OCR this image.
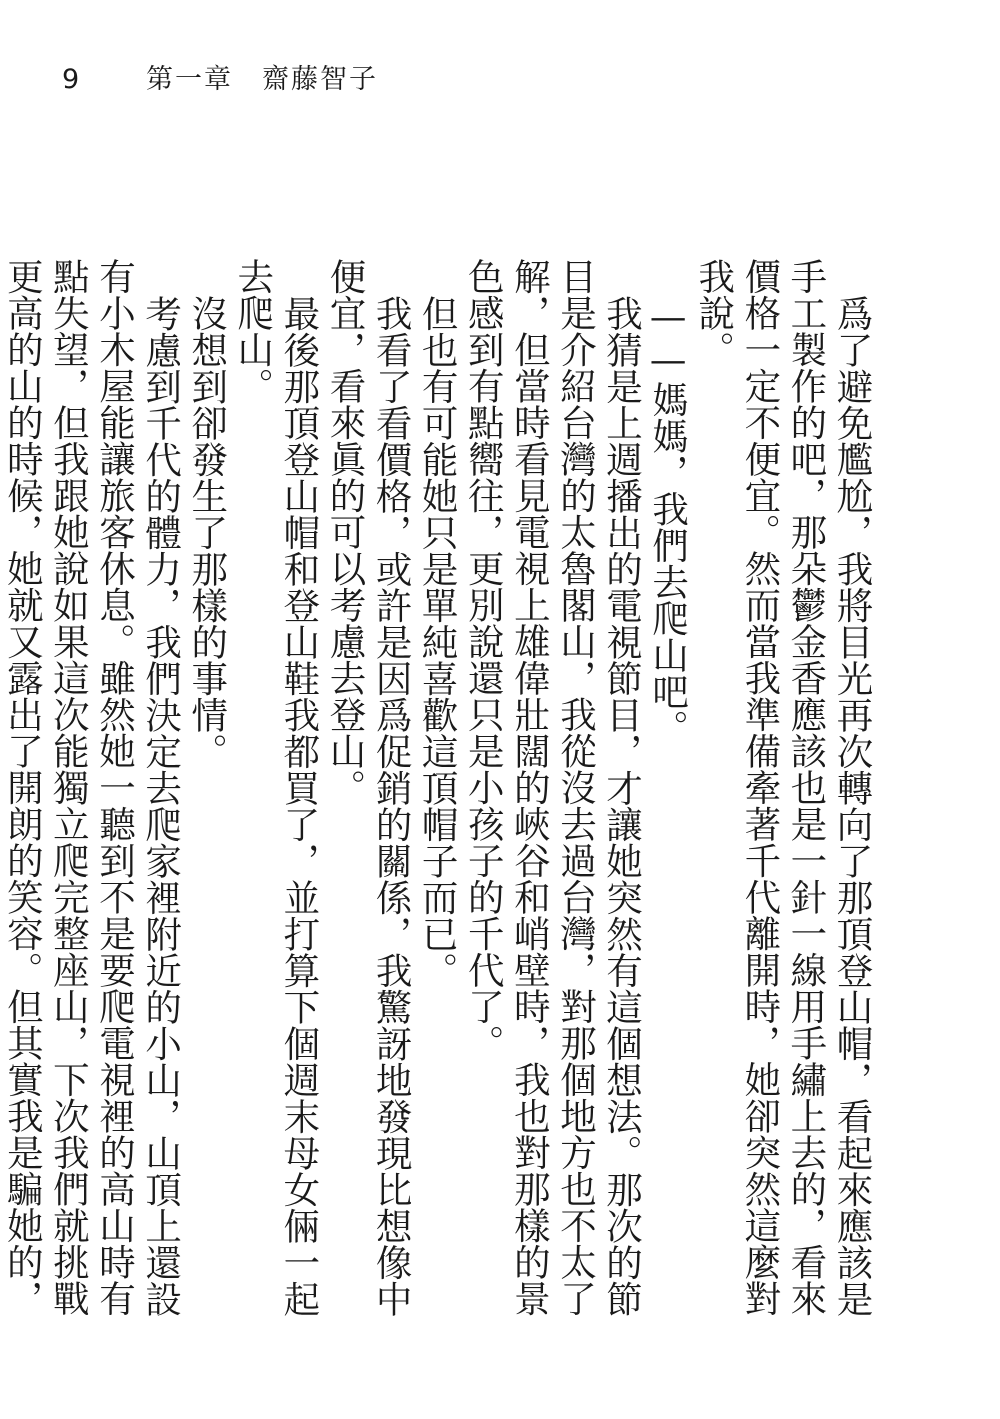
9 第一章　齋藤智子

爲了避免尷尬，我將目光再次轉向了那頂登山帽，看起來應該是手工製作的吧，那朵鬱金香應該也是一針一線用手繡上去的，看來價格一定不便宜。然而當我準備牽著千代離開時，她卻突然這麼對我說。

——媽媽，我們去爬山吧。

我猜是上週播出的電視節目，才讓她突然有這個想法。那次的節目是介紹台灣的太魯閣山，我從沒去過台灣，對那個地方也不太了解，但當時看見電視上雄偉壯闊的峽谷和峭壁時，我也對那樣的景色感到有點嚮往，更別說還只是小孩子的千代了。

但也有可能她只是單純喜歡這頂帽子而已。

我看了看價格，或許是因爲促銷的關係，我驚訝地發現比想像中便宜，看來眞的可以考慮去登山。

最後那頂登山帽和登山鞋我都買了，並打算下個週末母女倆一起去爬山。

沒想到卻發生了那樣的事情。

考慮到千代的體力，我們決定去爬家裡附近的小山，山頂上還設有小木屋能讓旅客休息。雖然她一聽到不是要爬電視裡的高山時有點失望，但我跟她說如果這次能獨立爬完整座山，下次我們就挑戰更高的山的時候，她就又露出了開朗的笑容。但其實我是騙她的，
